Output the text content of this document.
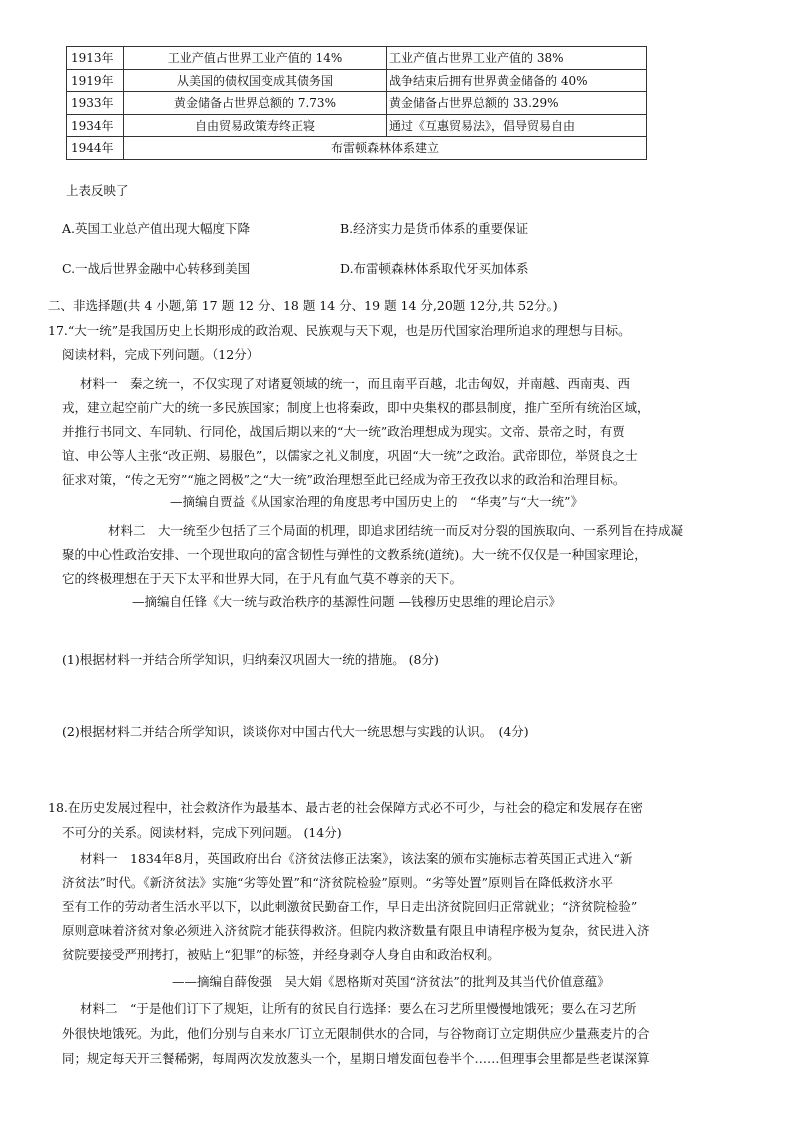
1913年	工业产值占世界工业产值的 14%	工业产值占世界工业产值的 38%
1919年	从美国的债权国变成其债务国	战争结束后拥有世界黄金储备的 40%
1933年	黄金储备占世界总额的 7.73%	黄金储备占世界总额的 33.29%
1934年	自由贸易政策寿终正寝	通过《互惠贸易法》，倡导贸易自由
1944年	布雷顿森林体系建立	
上表反映了
A.英国工业总产值出现大幅度下降	B.经济实力是货币体系的重要保证
C.一战后世界金融中心转移到美国	D.布雷顿森林体系取代牙买加体系
二、非选择题(共 4 小题,第 17 题 12 分、18 题 14 分、19 题 14 分,20题 12分,共 52分。)
17.“大一统”是我国历史上长期形成的政治观、民族观与天下观，也是历代国家治理所追求的理想与目标。
阅读材料，完成下列问题。（12分）
材料一　秦之统一，不仅实现了对诸夏领域的统一，而且南平百越，北击匈奴，并南越、西南夷、西
戎，建立起空前广大的统一多民族国家；制度上也将秦政，即中央集权的郡县制度，推广至所有统治区域，
并推行书同文、车同轨、行同伦，战国后期以来的“大一统”政治理想成为现实。文帝、景帝之时，有贾
谊、申公等人主张“改正朔、易服色”，以儒家之礼义制度，巩固“大一统”之政治。武帝即位，举贤良之士
征求对策，“传之无穷”“施之罔极”之“大一统”政治理想至此已经成为帝王孜孜以求的政治和治理目标。
—摘编自贾益《从国家治理的角度思考中国历史上的　“华夷”与“大一统”》
材料二　大一统至少包括了三个局面的机理，即追求团结统一而反对分裂的国族取向、一系列旨在持成凝
聚的中心性政治安排、一个现世取向的富含韧性与弹性的文教系统(道统)。大一统不仅仅是一种国家理论，
它的终极理想在于天下太平和世界大同，在于凡有血气莫不尊亲的天下。
—摘编自任锋《大一统与政治秩序的基源性问题 —钱穆历史思维的理论启示》
(1)根据材料一并结合所学知识，归纳秦汉巩固大一统的措施。 (8分)
(2)根据材料二并结合所学知识，谈谈你对中国古代大一统思想与实践的认识。　(4分)
18.在历史发展过程中，社会救济作为最基本、最古老的社会保障方式必不可少，与社会的稳定和发展存在密
不可分的关系。阅读材料，完成下列问题。 (14分)
材料一　1834年8月，英国政府出台《济贫法修正法案》，该法案的颁布实施标志着英国正式进入“新
济贫法”时代。《新济贫法》实施“劣等处置”和“济贫院检验”原则。“劣等处置”原则旨在降低救济水平
至有工作的劳动者生活水平以下，以此刺激贫民勤奋工作，早日走出济贫院回归正常就业；“济贫院检验”
原则意味着济贫对象必须进入济贫院才能获得救济。但院内救济数量有限且申请程序极为复杂，贫民进入济
贫院要接受严刑拷打，被贴上“犯罪”的标签，并经身剥夺人身自由和政治权利。
——摘编自薛俊强　吴大娟《恩格斯对英国“济贫法”的批判及其当代价值意蕴》
材料二　“于是他们订下了规矩，让所有的贫民自行选择：要么在习艺所里慢慢地饿死；要么在习艺所
外很快地饿死。为此，他们分别与自来水厂订立无限制供水的合同，与谷物商订立定期供应少量燕麦片的合
同；规定每天开三餐稀粥，每周两次发放葱头一个，星期日增发面包卷半个……但理事会里都是些老谋深算
